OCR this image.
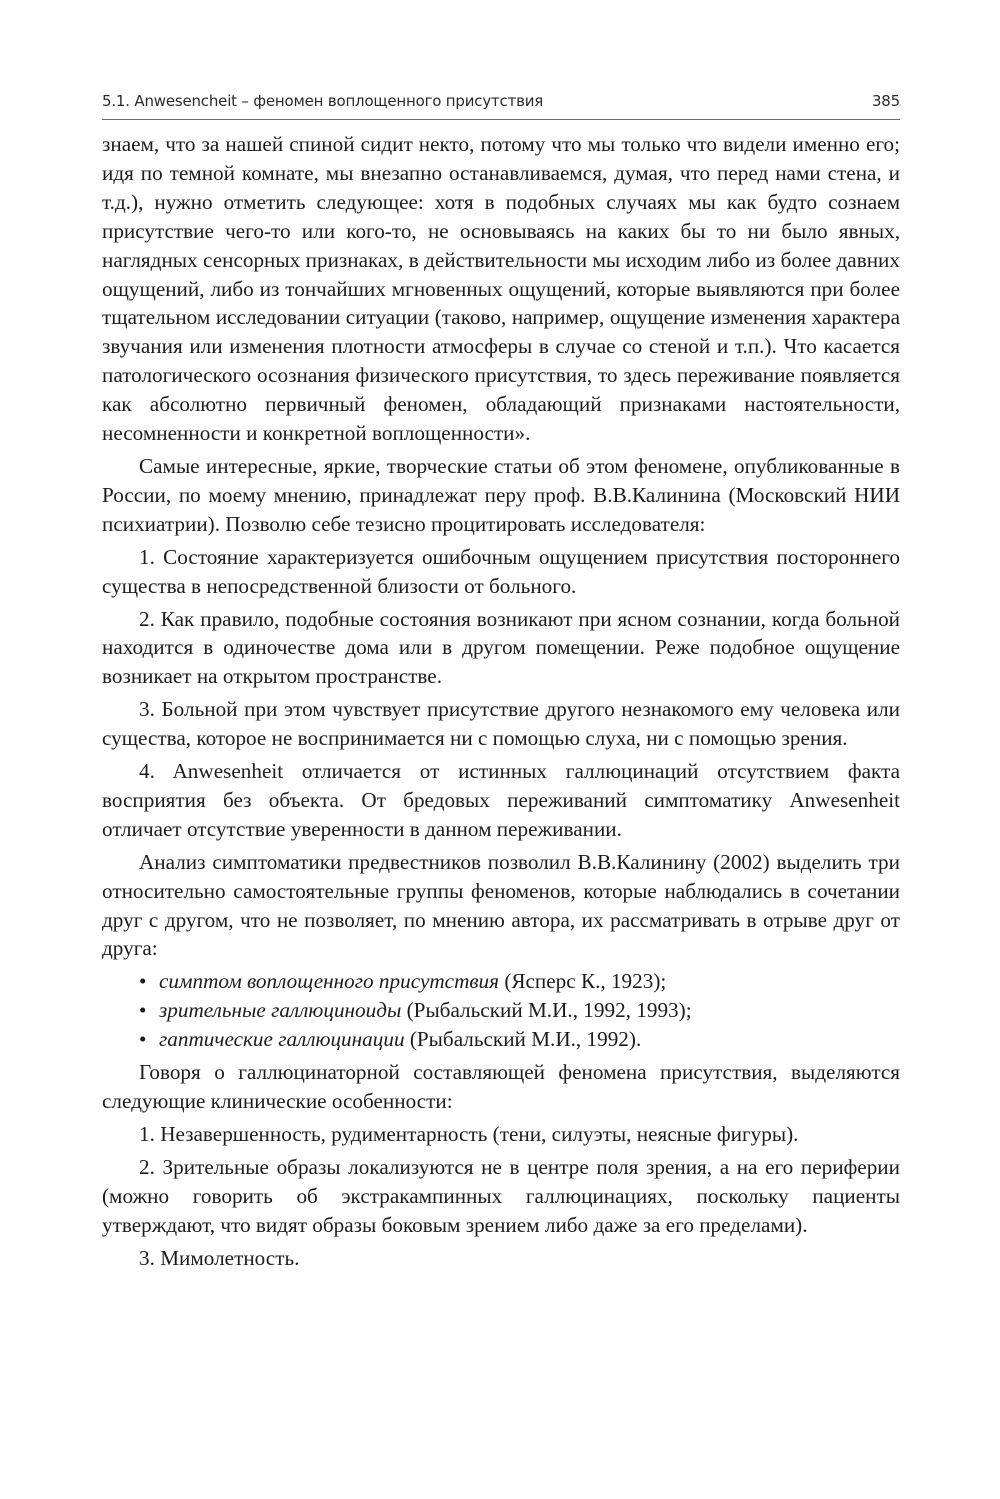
5.1. Anwesencheit – феномен воплощенного присутствия	385

знаем, что за нашей спиной сидит некто, потому что мы только что видели именно его; идя по темной комнате, мы внезапно останавливаемся, думая, что перед нами стена, и т.д.), нужно отметить следующее: хотя в подобных случаях мы как будто сознаем присутствие чего-то или кого-то, не основываясь на каких бы то ни было явных, наглядных сенсорных признаках, в действительности мы исходим либо из более давних ощущений, либо из тончайших мгновенных ощущений, которые выявляются при более тщательном исследовании ситуации (таково, например, ощущение изменения характера звучания или изменения плотности атмосферы в случае со стеной и т.п.). Что касается патологического осознания физического присутствия, то здесь переживание появляется как абсолютно первичный феномен, обладающий признаками настоятельности, несомненности и конкретной воплощенности».

Самые интересные, яркие, творческие статьи об этом феномене, опубликованные в России, по моему мнению, принадлежат перу проф. В.В.Калинина (Московский НИИ психиатрии). Позволю себе тезисно процитировать исследователя:

1. Состояние характеризуется ошибочным ощущением присутствия постороннего существа в непосредственной близости от больного.

2. Как правило, подобные состояния возникают при ясном сознании, когда больной находится в одиночестве дома или в другом помещении. Реже подобное ощущение возникает на открытом пространстве.

3. Больной при этом чувствует присутствие другого незнакомого ему человека или существа, которое не воспринимается ни с помощью слуха, ни с помощью зрения.

4. Anwesenheit отличается от истинных галлюцинаций отсутствием факта восприятия без объекта. От бредовых переживаний симптоматику Anwesenheit отличает отсутствие уверенности в данном переживании.

Анализ симптоматики предвестников позволил В.В.Калинину (2002) выделить три относительно самостоятельные группы феноменов, которые наблюдались в сочетании друг с другом, что не позволяет, по мнению автора, их рассматривать в отрыве друг от друга:

• симптом воплощенного присутствия (Ясперс К., 1923);
• зрительные галлюциноиды (Рыбальский М.И., 1992, 1993);
• гаптические галлюцинации (Рыбальский М.И., 1992).

Говоря о галлюцинаторной составляющей феномена присутствия, выделяются следующие клинические особенности:

1. Незавершенность, рудиментарность (тени, силуэты, неясные фигуры).

2. Зрительные образы локализуются не в центре поля зрения, а на его периферии (можно говорить об экстракампинных галлюцинациях, поскольку пациенты утверждают, что видят образы боковым зрением либо даже за его пределами).

3. Мимолетность.
